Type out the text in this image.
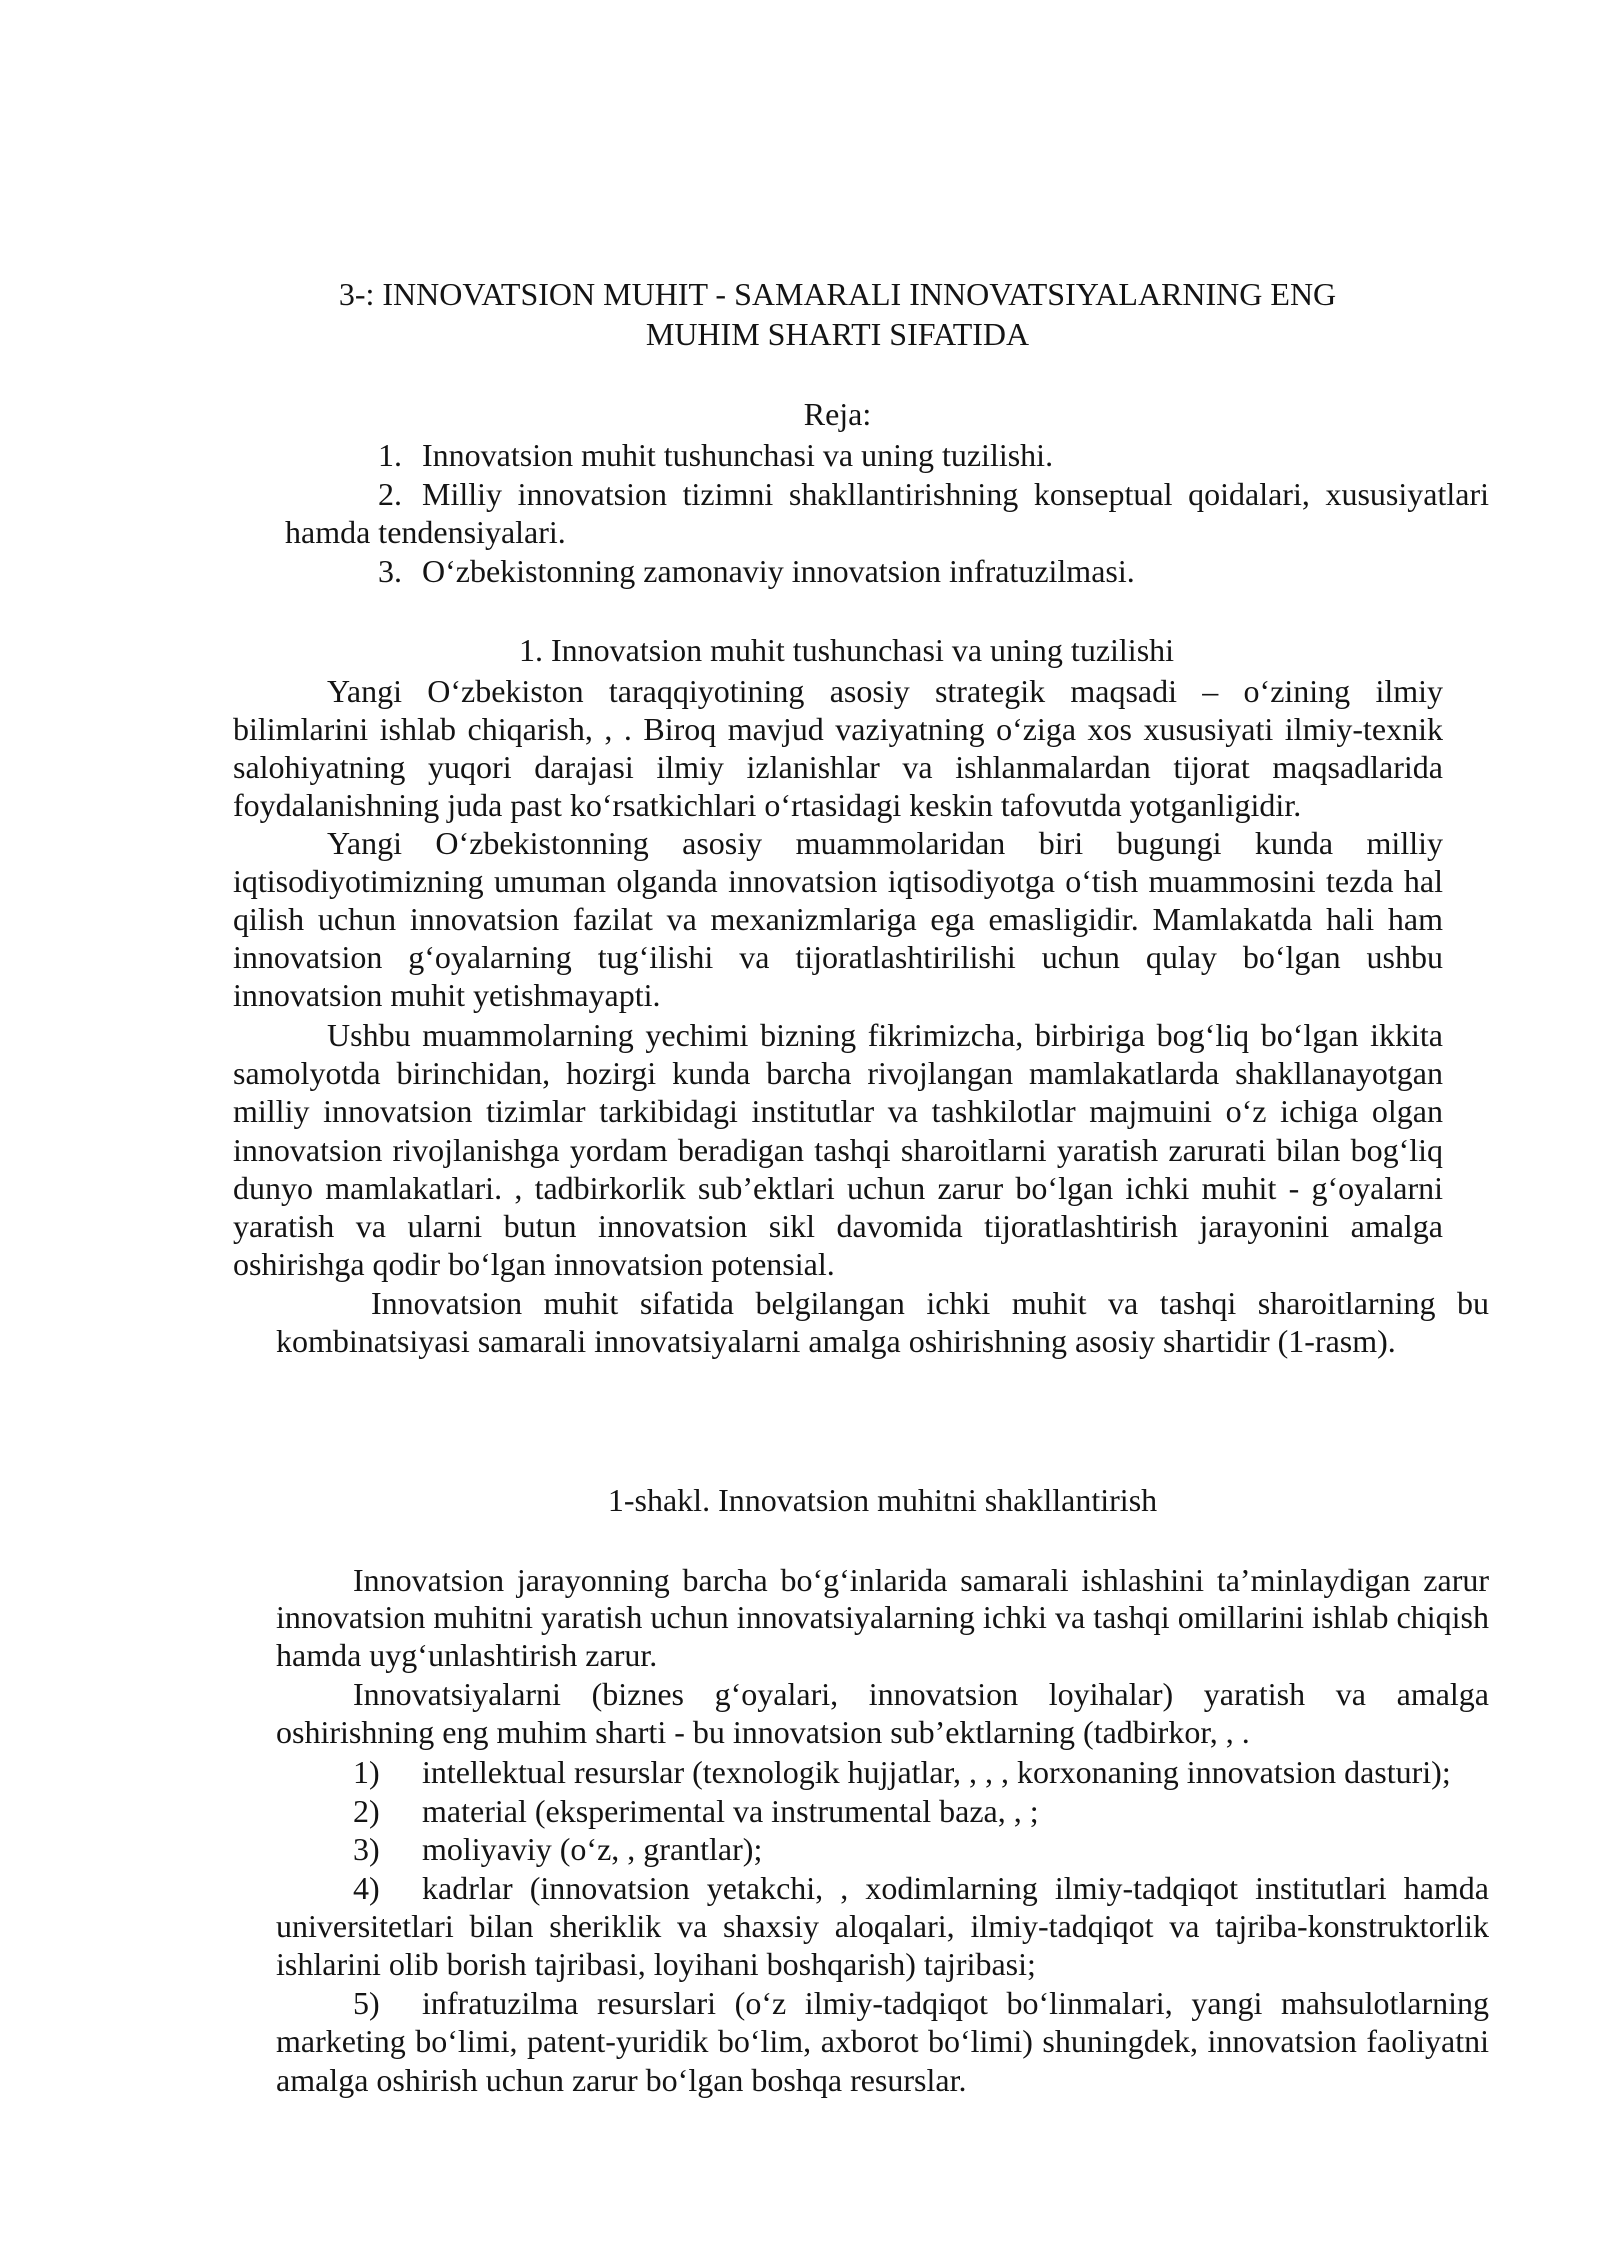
3-: INNOVATSION MUHIT - SAMARALI INNOVATSIYALARNING ENG
MUHIM SHARTI SIFATIDA
Reja:
1. Innovatsion muhit tushunchasi va uning tuzilishi.
2. Milliy innovatsion tizimni shakllantirishning konseptual qoidalari, xususiyatlari
hamda tendensiyalari.
3. O‘zbekistonning zamonaviy innovatsion infratuzilmasi.
1. Innovatsion muhit tushunchasi va uning tuzilishi
Yangi O‘zbekiston taraqqiyotining asosiy strategik maqsadi – o‘zining ilmiy
bilimlarini ishlab chiqarish, , . Biroq mavjud vaziyatning o‘ziga xos xususiyati ilmiy-texnik
salohiyatning yuqori darajasi ilmiy izlanishlar va ishlanmalardan tijorat maqsadlarida
foydalanishning juda past ko‘rsatkichlari o‘rtasidagi keskin tafovutda yotganligidir.
Yangi O‘zbekistonning asosiy muammolaridan biri bugungi kunda milliy
iqtisodiyotimizning umuman olganda innovatsion iqtisodiyotga o‘tish muammosini tezda hal
qilish uchun innovatsion fazilat va mexanizmlariga ega emasligidir. Mamlakatda hali ham
innovatsion g‘oyalarning tug‘ilishi va tijoratlashtirilishi uchun qulay bo‘lgan ushbu
innovatsion muhit yetishmayapti.
Ushbu muammolarning yechimi bizning fikrimizcha, birbiriga bog‘liq bo‘lgan ikkita
samolyotda birinchidan, hozirgi kunda barcha rivojlangan mamlakatlarda shakllanayotgan
milliy innovatsion tizimlar tarkibidagi institutlar va tashkilotlar majmuini o‘z ichiga olgan
innovatsion rivojlanishga yordam beradigan tashqi sharoitlarni yaratish zarurati bilan bog‘liq
dunyo mamlakatlari. , tadbirkorlik sub’ektlari uchun zarur bo‘lgan ichki muhit - g‘oyalarni
yaratish va ularni butun innovatsion sikl davomida tijoratlashtirish jarayonini amalga
oshirishga qodir bo‘lgan innovatsion potensial.
Innovatsion muhit sifatida belgilangan ichki muhit va tashqi sharoitlarning bu
kombinatsiyasi samarali innovatsiyalarni amalga oshirishning asosiy shartidir (1-rasm).
1-shakl. Innovatsion muhitni shakllantirish
Innovatsion jarayonning barcha bo‘g‘inlarida samarali ishlashini ta’minlaydigan zarur
innovatsion muhitni yaratish uchun innovatsiyalarning ichki va tashqi omillarini ishlab chiqish
hamda uyg‘unlashtirish zarur.
Innovatsiyalarni (biznes g‘oyalari, innovatsion loyihalar) yaratish va amalga
oshirishning eng muhim sharti - bu innovatsion sub’ektlarning (tadbirkor, , .
1) intellektual resurslar (texnologik hujjatlar, , , , korxonaning innovatsion dasturi);
2) material (eksperimental va instrumental baza, , ;
3) moliyaviy (o‘z, , grantlar);
4) kadrlar (innovatsion yetakchi, , xodimlarning ilmiy-tadqiqot institutlari hamda
universitetlari bilan sheriklik va shaxsiy aloqalari, ilmiy-tadqiqot va tajriba-konstruktorlik
ishlarini olib borish tajribasi, loyihani boshqarish) tajribasi;
5) infratuzilma resurslari (o‘z ilmiy-tadqiqot bo‘linmalari, yangi mahsulotlarning
marketing bo‘limi, patent-yuridik bo‘lim, axborot bo‘limi) shuningdek, innovatsion faoliyatni
amalga oshirish uchun zarur bo‘lgan boshqa resurslar.
